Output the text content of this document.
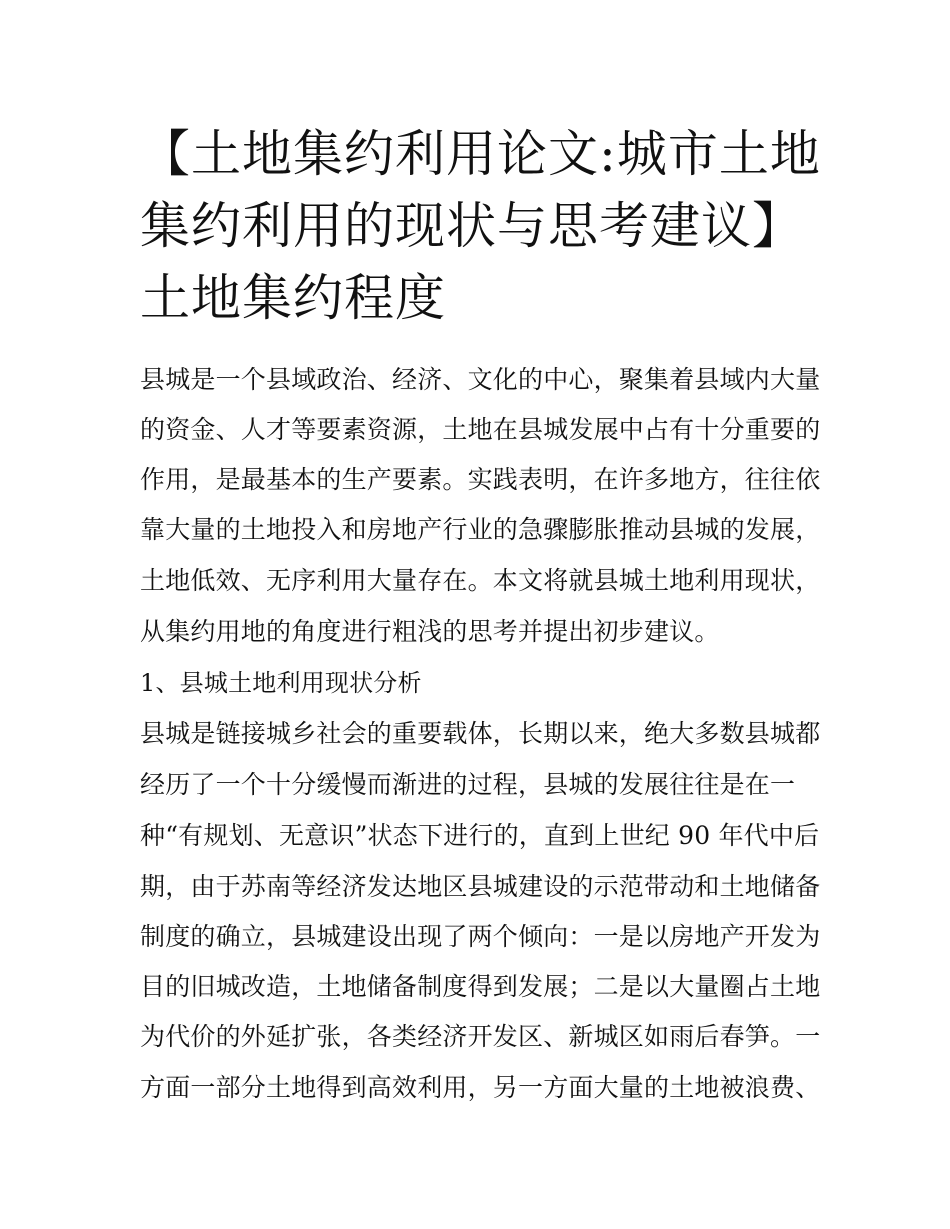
【土地集约利用论文:城市土地
集约利用的现状与思考建议】
土地集约程度

县城是一个县域政治、经济、文化的中心，聚集着县域内大量

的资金、人才等要素资源，土地在县城发展中占有十分重要的

作用，是最基本的生产要素。实践表明，在许多地方，往往依

靠大量的土地投入和房地产行业的急骤膨胀推动县城的发展，

土地低效、无序利用大量存在。本文将就县城土地利用现状，

从集约用地的角度进行粗浅的思考并提出初步建议。

1、县城土地利用现状分析

县城是链接城乡社会的重要载体，长期以来，绝大多数县城都

经历了一个十分缓慢而渐进的过程，县城的发展往往是在一

种“有规划、无意识”状态下进行的，直到上世纪 90 年代中后

期，由于苏南等经济发达地区县城建设的示范带动和土地储备

制度的确立，县城建设出现了两个倾向：一是以房地产开发为

目的旧城改造，土地储备制度得到发展；二是以大量圈占土地

为代价的外延扩张，各类经济开发区、新城区如雨后春笋。一

方面一部分土地得到高效利用，另一方面大量的土地被浪费、
